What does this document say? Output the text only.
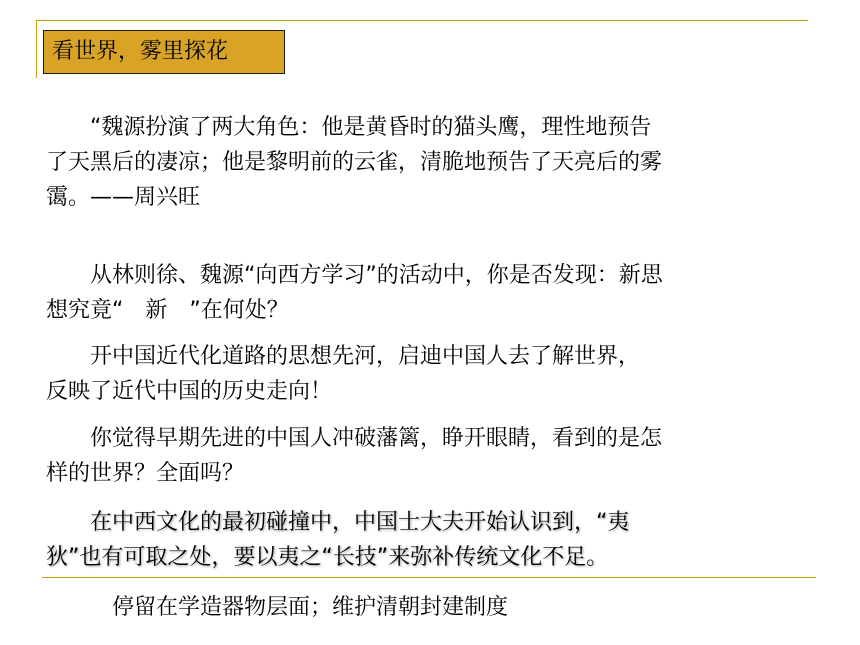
看世界，雾里探花
　　“魏源扮演了两大角色：他是黄昏时的猫头鹰，理性地预告
了天黑后的凄凉；他是黎明前的云雀，清脆地预告了天亮后的雾
霭。——周兴旺
　　从林则徐、魏源“向西方学习”的活动中，你是否发现：新思
想究竟“　新　”在何处？
　　开中国近代化道路的思想先河，启迪中国人去了解世界，
反映了近代中国的历史走向！
　　你觉得早期先进的中国人冲破藩篱，睁开眼睛，看到的是怎
样的世界？全面吗？
　　在中西文化的最初碰撞中，中国士大夫开始认识到，“夷
狄”也有可取之处，要以夷之“长技”来弥补传统文化不足。
停留在学造器物层面；维护清朝封建制度
